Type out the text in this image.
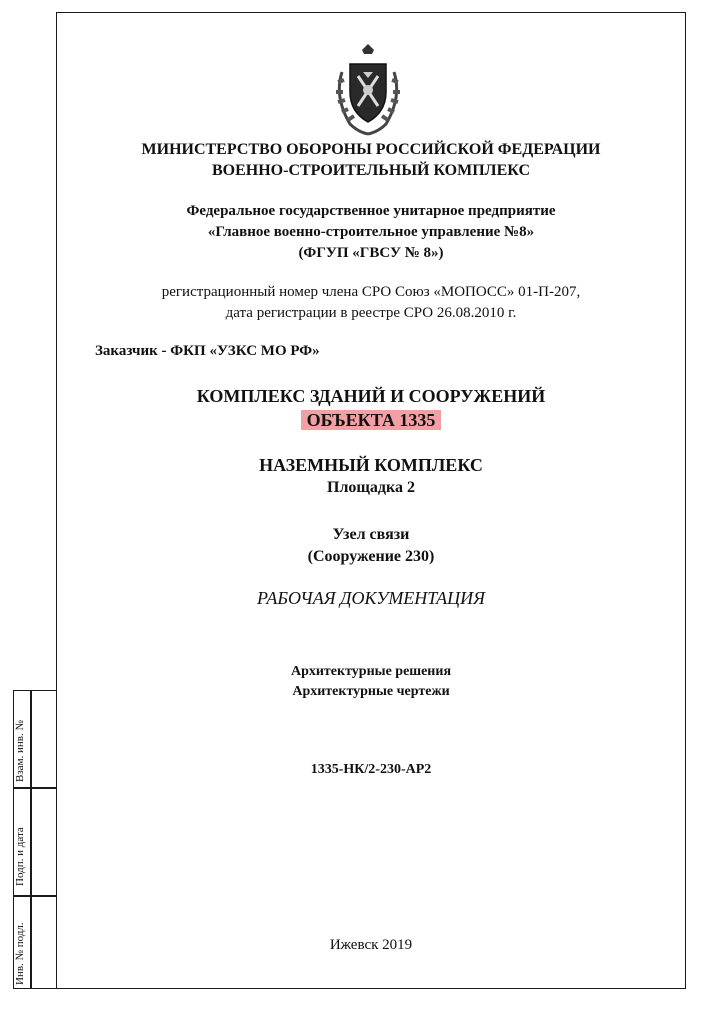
Взам. инв. №
Подп. и дата
Инв. № подл.
МИНИСТЕРСТВО ОБОРОНЫ РОССИЙСКОЙ ФЕДЕРАЦИИ
ВОЕННО-СТРОИТЕЛЬНЫЙ КОМПЛЕКС
Федеральное государственное унитарное предприятие
«Главное военно-строительное управление №8»
(ФГУП «ГВСУ № 8»)
регистрационный номер члена СРО Союз «МОПОСС» 01-П-207,
дата регистрации в реестре СРО 26.08.2010 г.
Заказчик - ФКП «УЗКС МО РФ»
КОМПЛЕКС ЗДАНИЙ И СООРУЖЕНИЙ
ОБЪЕКТА 1335
НАЗЕМНЫЙ КОМПЛЕКС
Площадка 2
Узел связи
(Сооружение 230)
РАБОЧАЯ ДОКУМЕНТАЦИЯ
Архитектурные решения
Архитектурные чертежи
1335-НК/2-230-АР2
Ижевск 2019
